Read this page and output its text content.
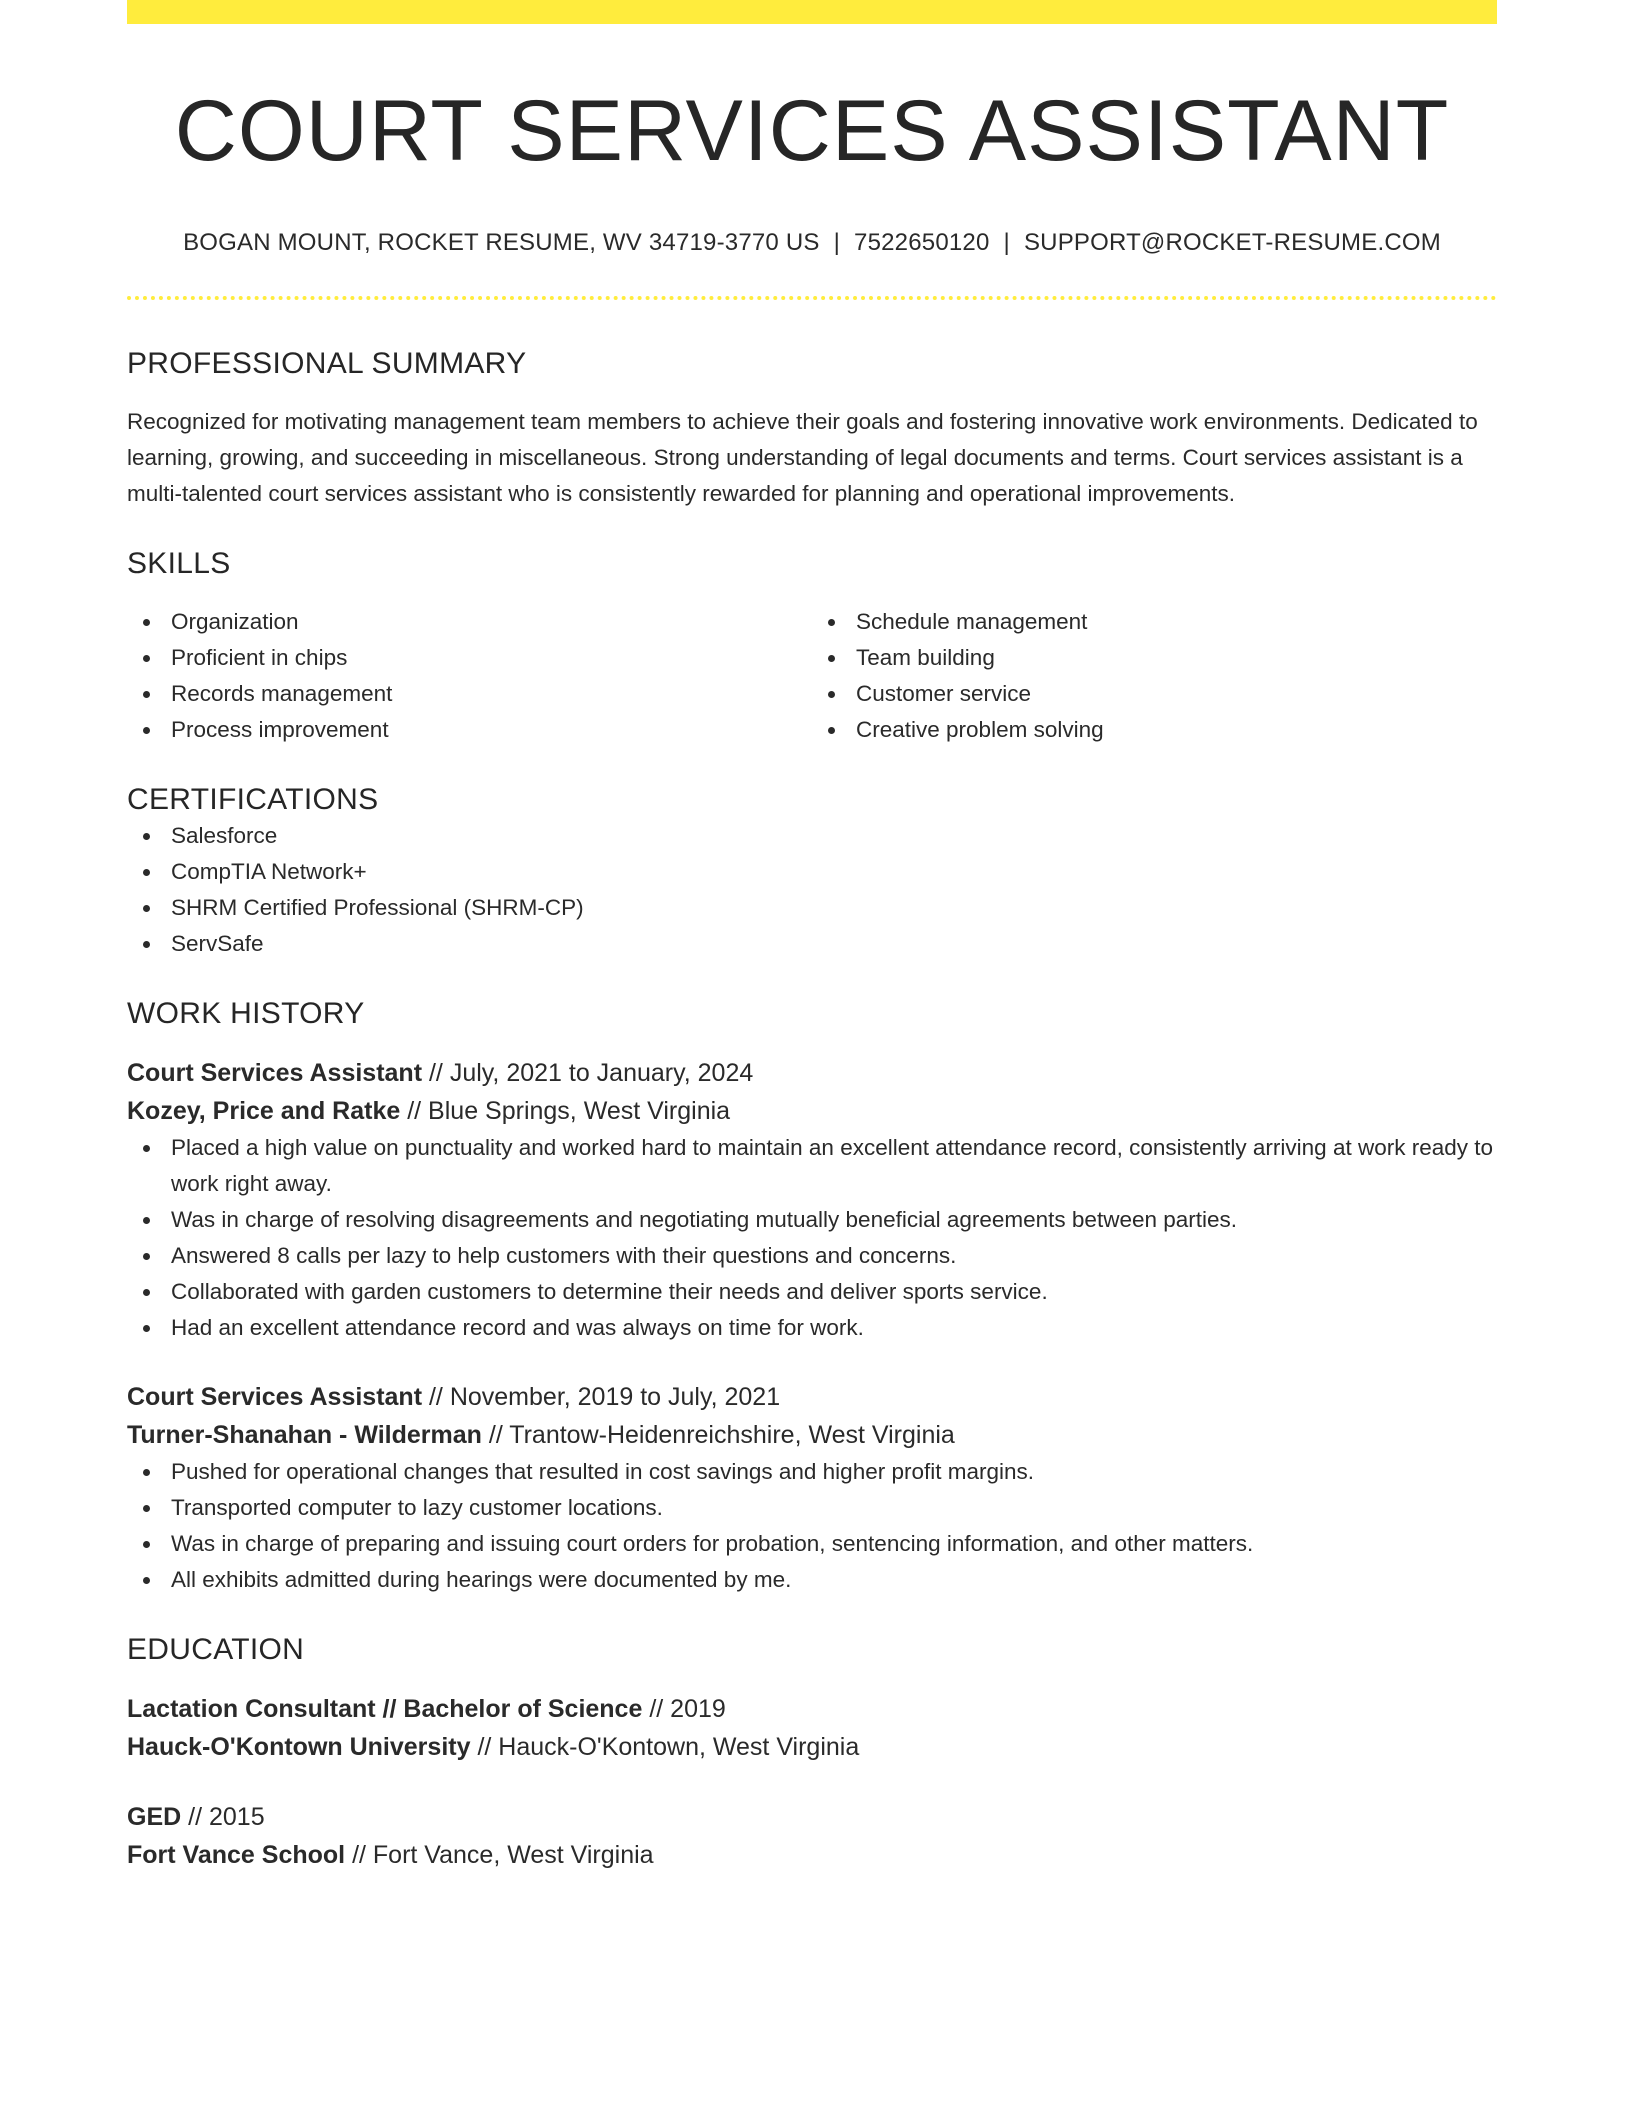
COURT SERVICES ASSISTANT
BOGAN MOUNT, ROCKET RESUME, WV 34719-3770 US | 7522650120 | SUPPORT@ROCKET-RESUME.COM
PROFESSIONAL SUMMARY
Recognized for motivating management team members to achieve their goals and fostering innovative work environments. Dedicated to learning, growing, and succeeding in miscellaneous. Strong understanding of legal documents and terms. Court services assistant is a multi-talented court services assistant who is consistently rewarded for planning and operational improvements.
SKILLS
Organization
Proficient in chips
Records management
Process improvement
Schedule management
Team building
Customer service
Creative problem solving
CERTIFICATIONS
Salesforce
CompTIA Network+
SHRM Certified Professional (SHRM-CP)
ServSafe
WORK HISTORY
Court Services Assistant // July, 2021 to January, 2024
Kozey, Price and Ratke // Blue Springs, West Virginia
Placed a high value on punctuality and worked hard to maintain an excellent attendance record, consistently arriving at work ready to work right away.
Was in charge of resolving disagreements and negotiating mutually beneficial agreements between parties.
Answered 8 calls per lazy to help customers with their questions and concerns.
Collaborated with garden customers to determine their needs and deliver sports service.
Had an excellent attendance record and was always on time for work.
Court Services Assistant // November, 2019 to July, 2021
Turner-Shanahan - Wilderman // Trantow-Heidenreichshire, West Virginia
Pushed for operational changes that resulted in cost savings and higher profit margins.
Transported computer to lazy customer locations.
Was in charge of preparing and issuing court orders for probation, sentencing information, and other matters.
All exhibits admitted during hearings were documented by me.
EDUCATION
Lactation Consultant // Bachelor of Science // 2019
Hauck-O'Kontown University // Hauck-O'Kontown, West Virginia
GED // 2015
Fort Vance School // Fort Vance, West Virginia
